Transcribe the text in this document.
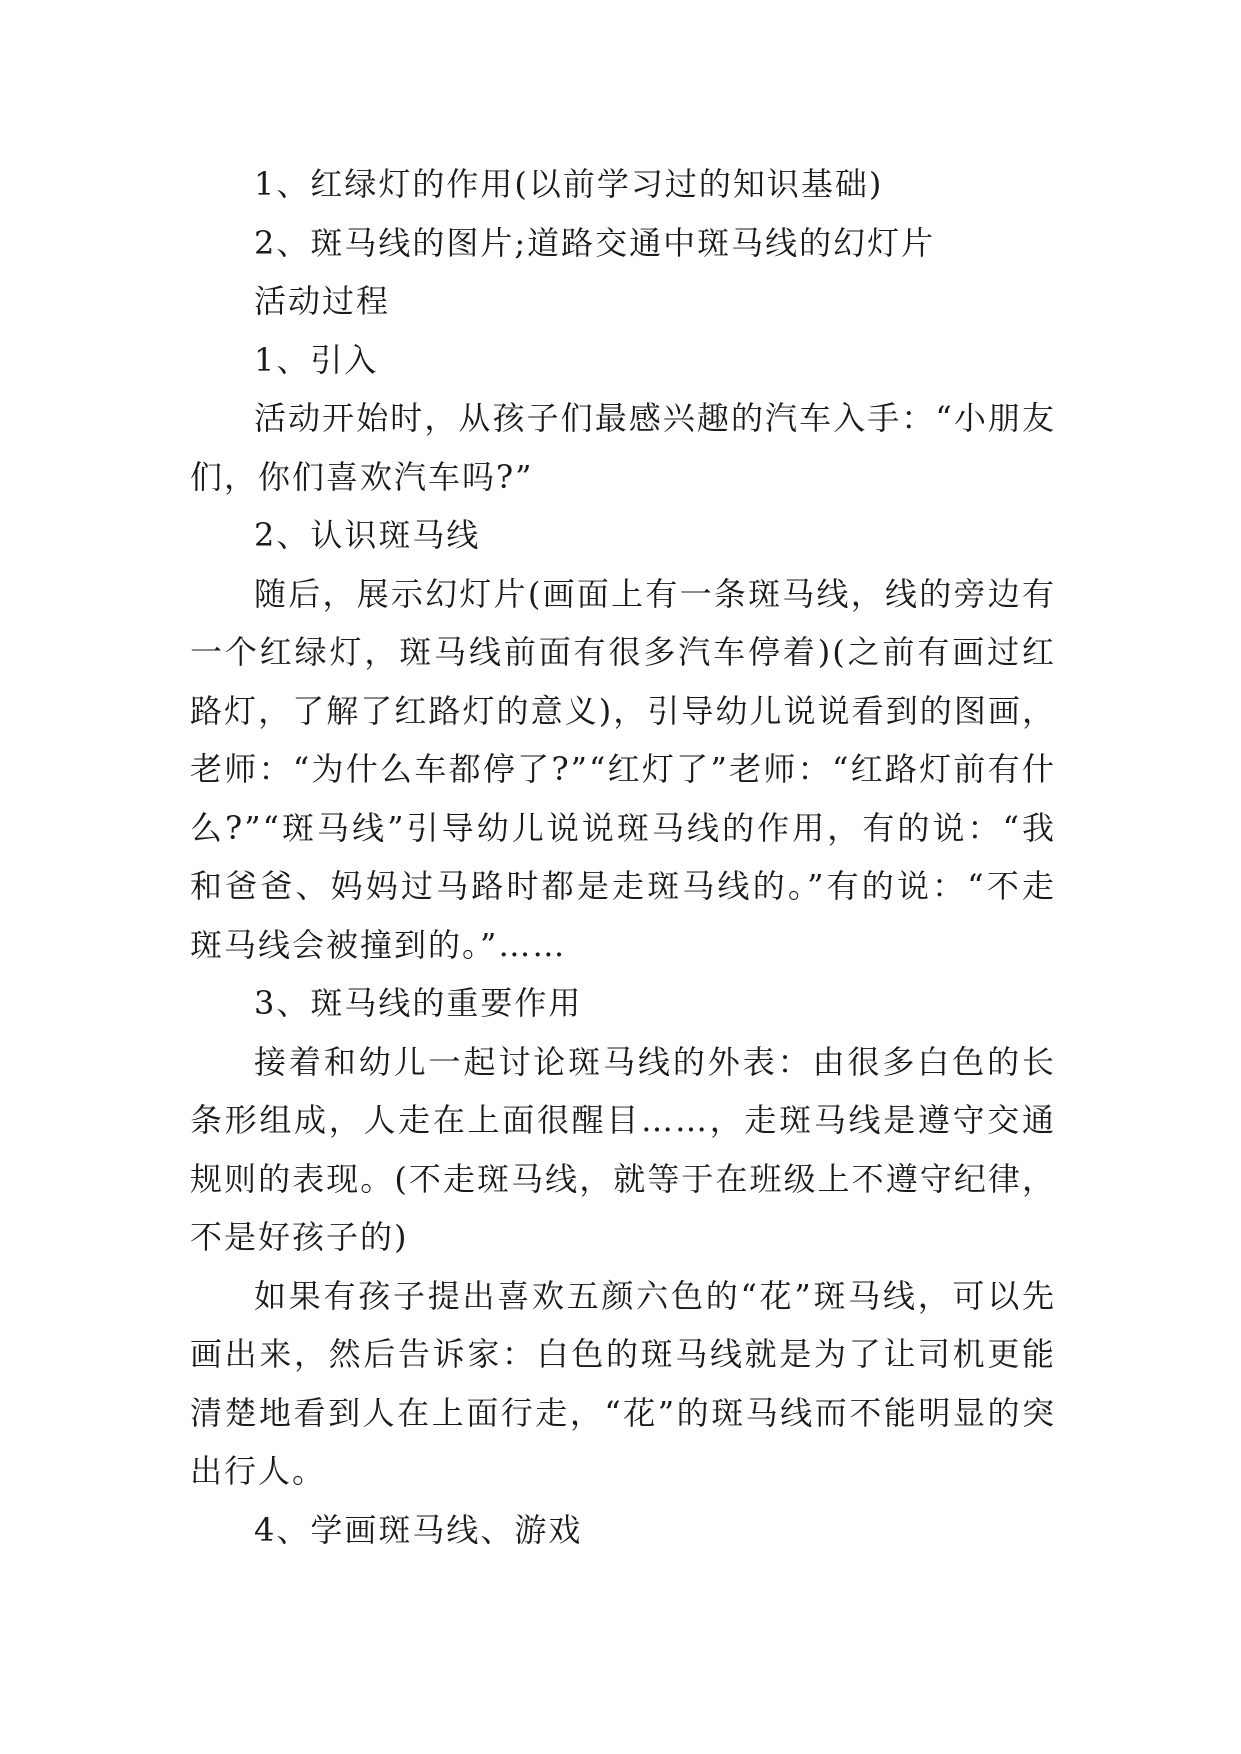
1、红绿灯的作用(以前学习过的知识基础)

2、斑马线的图片;道路交通中斑马线的幻灯片

活动过程

1、引入

活动开始时，从孩子们最感兴趣的汽车入手：“小朋友们，你们喜欢汽车吗?”

2、认识斑马线

随后，展示幻灯片(画面上有一条斑马线，线的旁边有一个红绿灯，斑马线前面有很多汽车停着)(之前有画过红路灯，了解了红路灯的意义)，引导幼儿说说看到的图画，老师：“为什么车都停了?”“红灯了”老师：“红路灯前有什么?”“斑马线”引导幼儿说说斑马线的作用，有的说：“我和爸爸、妈妈过马路时都是走斑马线的。”有的说：“不走斑马线会被撞到的。”……

3、斑马线的重要作用

接着和幼儿一起讨论斑马线的外表：由很多白色的长条形组成，人走在上面很醒目……，走斑马线是遵守交通规则的表现。(不走斑马线，就等于在班级上不遵守纪律，不是好孩子的)

如果有孩子提出喜欢五颜六色的“花”斑马线，可以先画出来，然后告诉家：白色的斑马线就是为了让司机更能清楚地看到人在上面行走，“花”的斑马线而不能明显的突出行人。

4、学画斑马线、游戏
